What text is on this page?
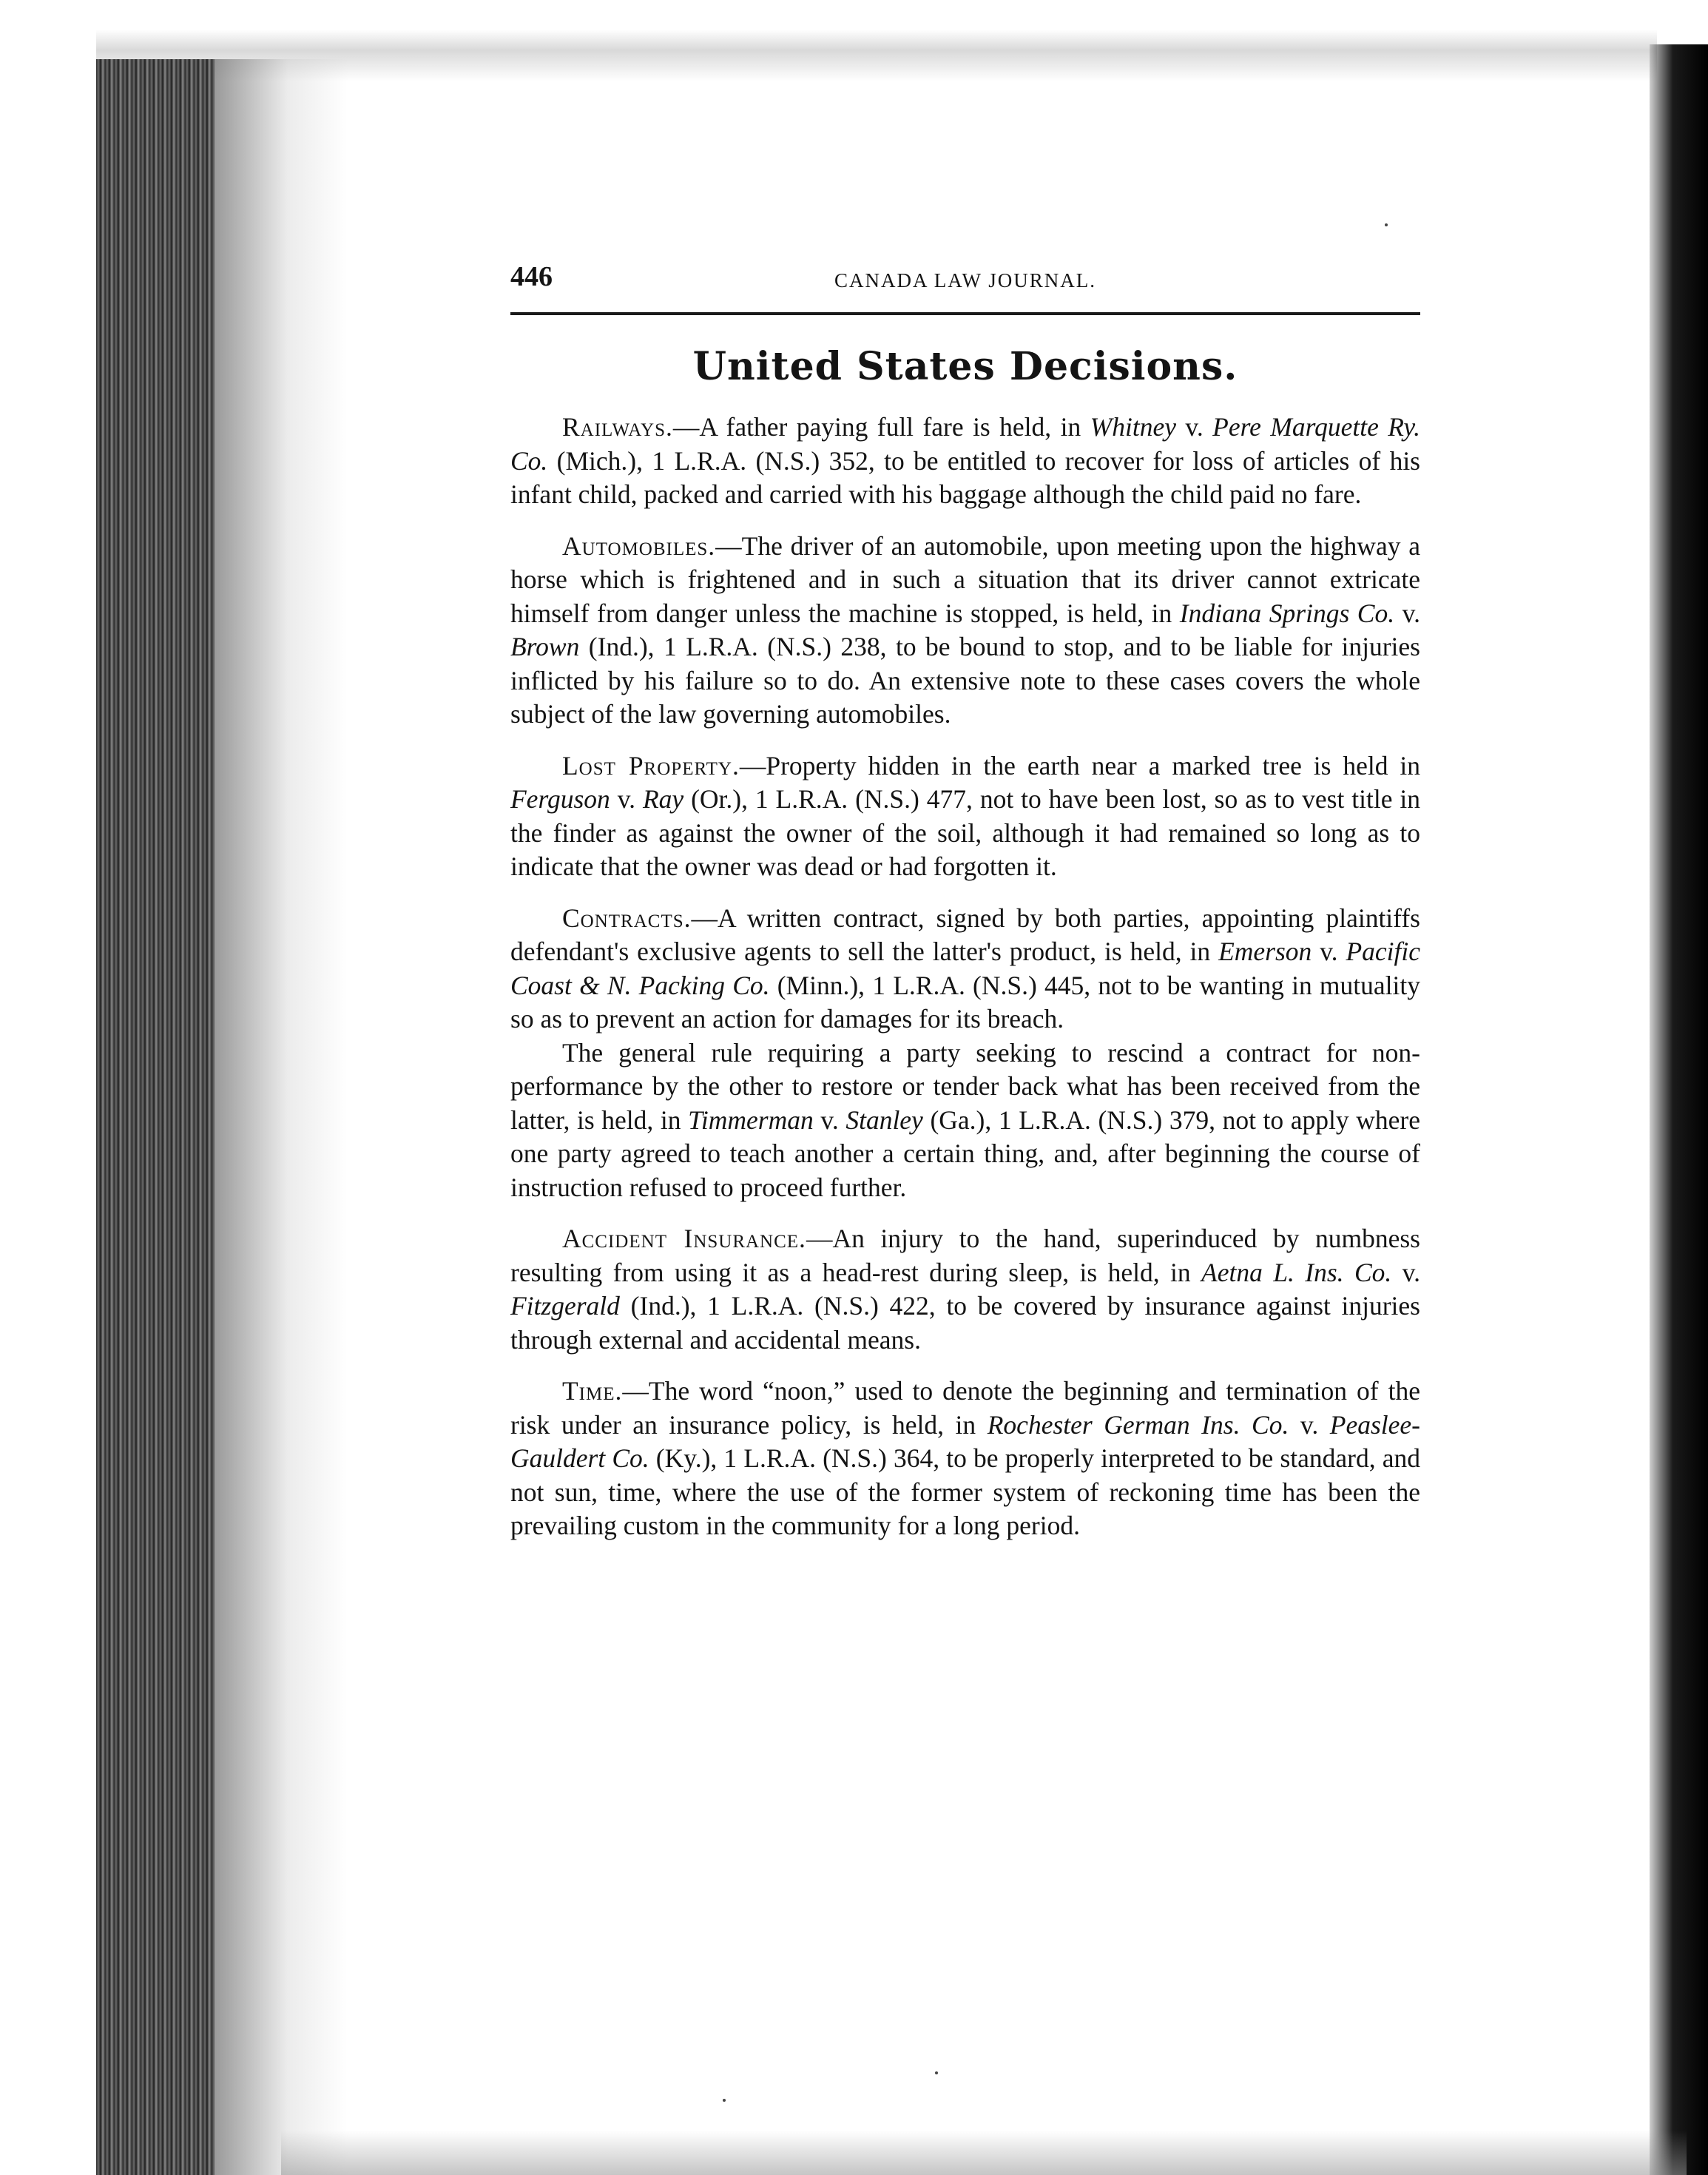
446	CANADA LAW JOURNAL.
United States Decisions.

Railways.—A father paying full fare is held, in Whitney v. Pere Marquette Ry. Co. (Mich.), 1 L.R.A. (N.S.) 352, to be entitled to recover for loss of articles of his infant child, packed and carried with his baggage although the child paid no fare.

Automobiles.—The driver of an automobile, upon meeting upon the highway a horse which is frightened and in such a situation that its driver cannot extricate himself from danger unless the machine is stopped, is held, in Indiana Springs Co. v. Brown (Ind.), 1 L.R.A. (N.S.) 238, to be bound to stop, and to be liable for injuries inflicted by his failure so to do. An extensive note to these cases covers the whole subject of the law governing automobiles.

Lost Property.—Property hidden in the earth near a marked tree is held in Ferguson v. Ray (Or.), 1 L.R.A. (N.S.) 477, not to have been lost, so as to vest title in the finder as against the owner of the soil, although it had remained so long as to indicate that the owner was dead or had forgotten it.

Contracts.—A written contract, signed by both parties, appointing plaintiffs defendant's exclusive agents to sell the latter's product, is held, in Emerson v. Pacific Coast & N. Packing Co. (Minn.), 1 L.R.A. (N.S.) 445, not to be wanting in mutuality so as to prevent an action for damages for its breach.

The general rule requiring a party seeking to rescind a contract for non-performance by the other to restore or tender back what has been received from the latter, is held, in Timmerman v. Stanley (Ga.), 1 L.R.A. (N.S.) 379, not to apply where one party agreed to teach another a certain thing, and, after beginning the course of instruction refused to proceed further.

Accident Insurance.—An injury to the hand, superinduced by numbness resulting from using it as a head-rest during sleep, is held, in Aetna L. Ins. Co. v. Fitzgerald (Ind.), 1 L.R.A. (N.S.) 422, to be covered by insurance against injuries through external and accidental means.

Time.—The word “noon,” used to denote the beginning and termination of the risk under an insurance policy, is held, in Rochester German Ins. Co. v. Peaslee-Gauldert Co. (Ky.), 1 L.R.A. (N.S.) 364, to be properly interpreted to be standard, and not sun, time, where the use of the former system of reckoning time has been the prevailing custom in the community for a long period.
